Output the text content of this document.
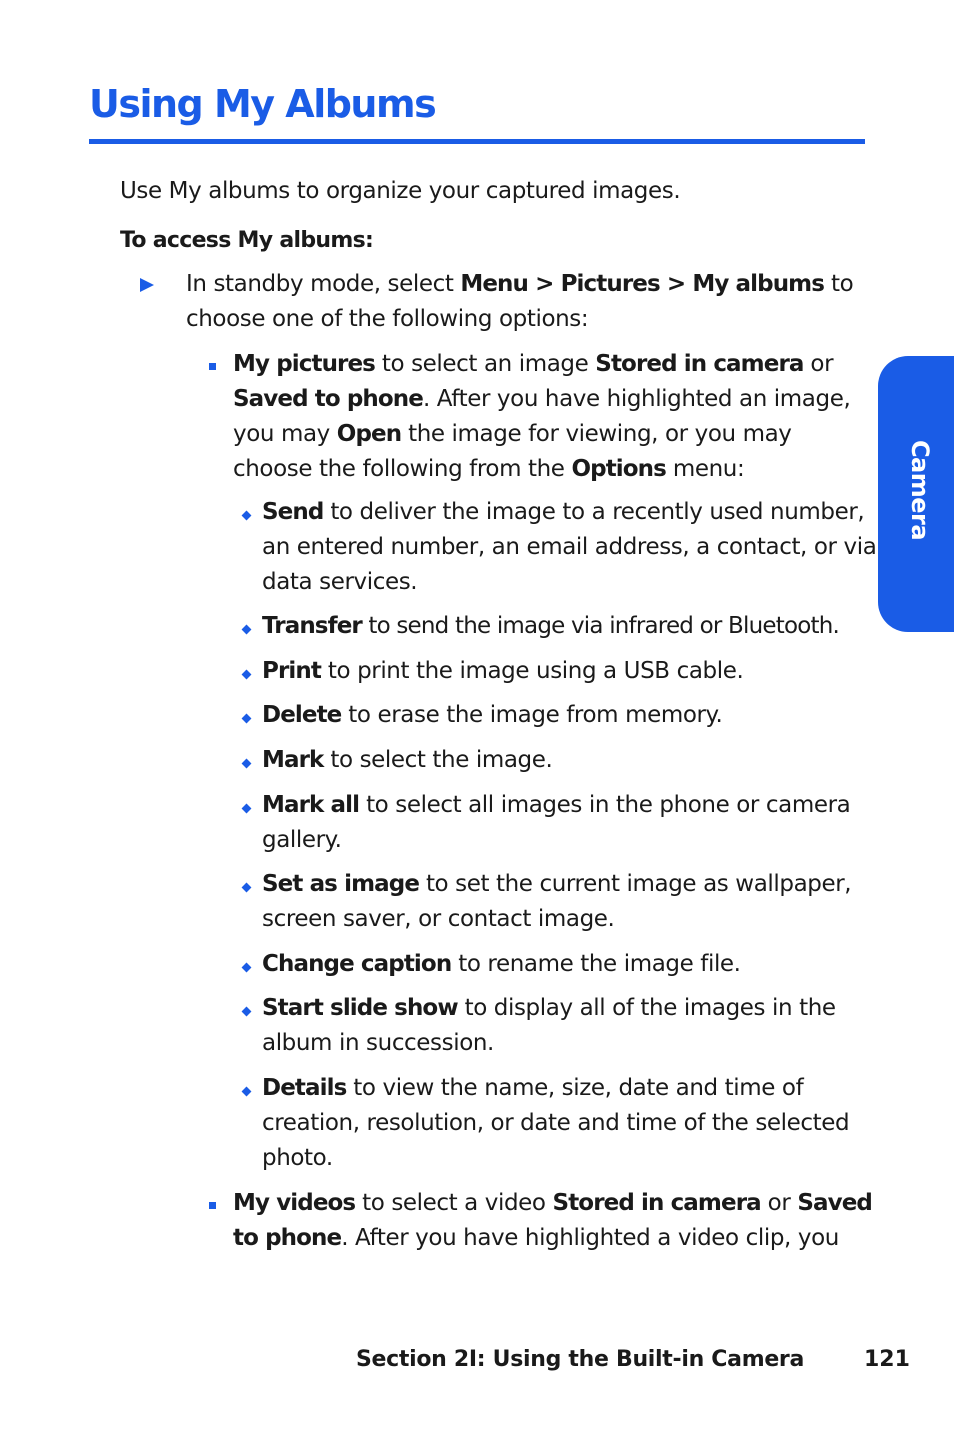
Using My Albums
Camera

Use My albums to organize your captured images.

To access My albums:

In standby mode, select Menu > Pictures > My albums to choose one of the following options:
My pictures to select an image Stored in camera or Saved to phone. After you have highlighted an image, you may Open the image for viewing, or you may choose the following from the Options menu:
Send to deliver the image to a recently used number, an entered number, an email address, a contact, or via data services.
Transfer to send the image via infrared or Bluetooth.
Print to print the image using a USB cable.
Delete to erase the image from memory.
Mark to select the image.
Mark all to select all images in the phone or camera gallery.
Set as image to set the current image as wallpaper, screen saver, or contact image.
Change caption to rename the image file.
Start slide show to display all of the images in the album in succession.
Details to view the name, size, date and time of creation, resolution, or date and time of the selected photo.
My videos to select a video Stored in camera or Saved to phone. After you have highlighted a video clip, you
Section 2I: Using the Built-in Camera	121
